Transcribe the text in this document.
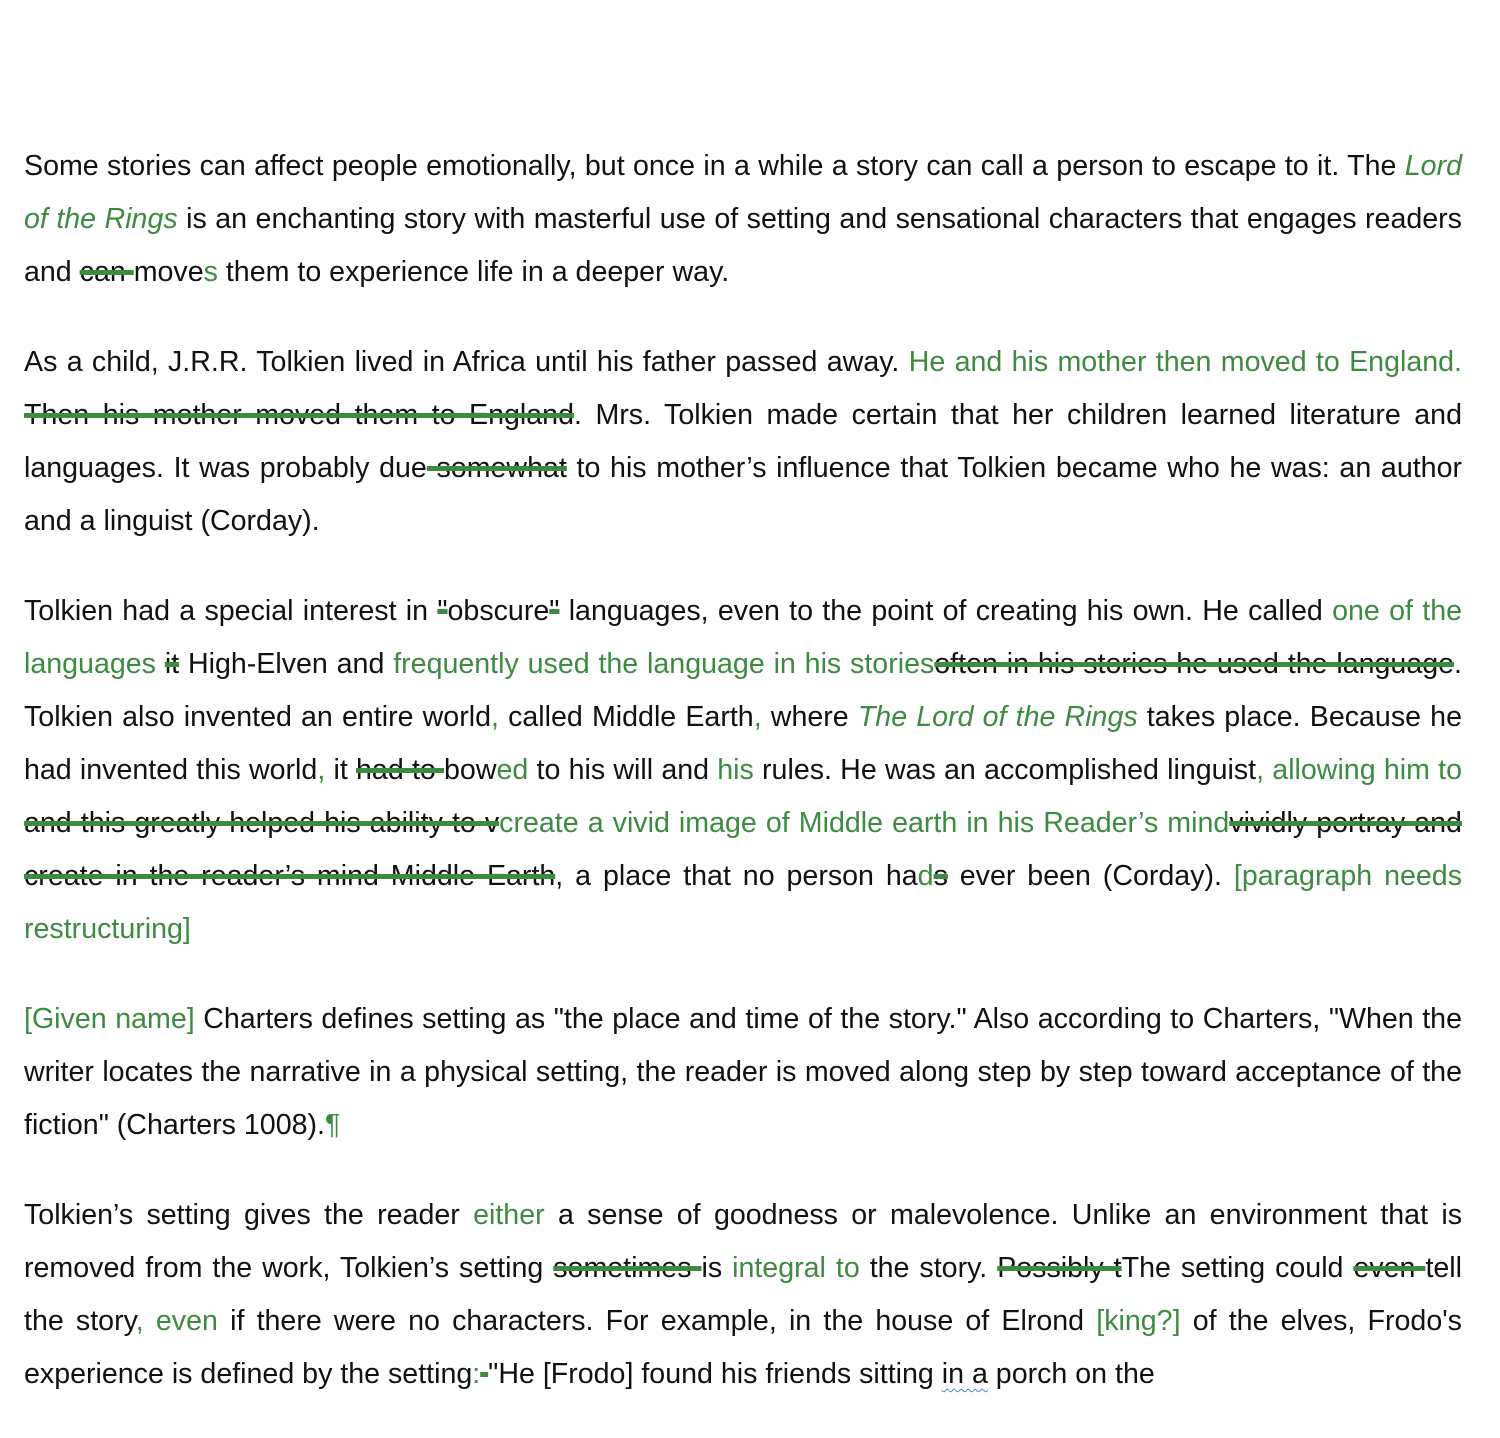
Some stories can affect people emotionally, but once in a while a story can call a person to escape to it. The Lord of the Rings is an enchanting story with masterful use of setting and sensational characters that engages readers and can moves them to experience life in a deeper way.

As a child, J.R.R. Tolkien lived in Africa until his father passed away. He and his mother then moved to England. Then his mother moved them to England. Mrs. Tolkien made certain that her children learned literature and languages. It was probably due somewhat to his mother’s influence that Tolkien became who he was: an author and a linguist (Corday).

Tolkien had a special interest in "obscure" languages, even to the point of creating his own. He called one of the languages it High-Elven and frequently used the language in his storiesoften in his stories he used the language. Tolkien also invented an entire world, called Middle Earth, where The Lord of the Rings takes place. Because he had invented this world, it had to bowed to his will and his rules. He was an accomplished linguist, allowing him to and this greatly helped his ability to vcreate a vivid image of Middle earth in his Reader’s mindvividly portray and create in the reader’s mind Middle Earth, a place that no person hads ever been (Corday). [paragraph needs restructuring]

[Given name] Charters defines setting as "the place and time of the story." Also according to Charters, "When the writer locates the narrative in a physical setting, the reader is moved along step by step toward acceptance of the fiction" (Charters 1008).¶

Tolkien’s setting gives the reader either a sense of goodness or malevolence. Unlike an environment that is removed from the work, Tolkien’s setting sometimes is integral to the story. Possibly tThe setting could even tell the story, even if there were no characters. For example, in the house of Elrond [king?] of the elves, Frodo's experience is defined by the setting: "He [Frodo] found his friends sitting in a porch on the
